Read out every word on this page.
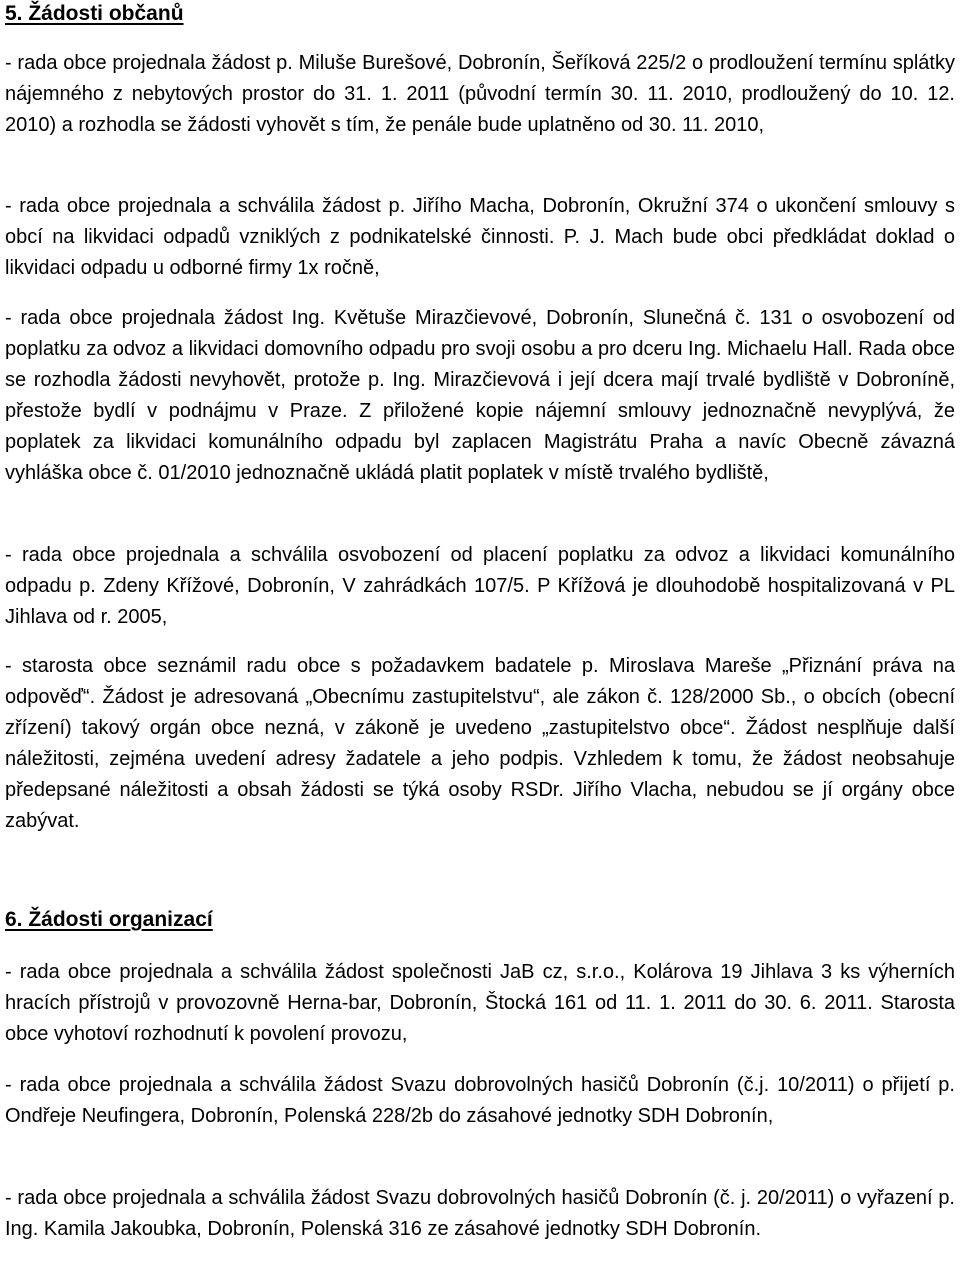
5. Žádosti občanů

- rada obce projednala žádost p. Miluše Burešové, Dobronín, Šeříková 225/2 o prodloužení termínu splátky nájemného z nebytových prostor do 31. 1. 2011 (původní termín 30. 11. 2010, prodloužený do 10. 12. 2010) a rozhodla se žádosti vyhovět s tím, že penále bude uplatněno od 30. 11. 2010,

- rada obce projednala a schválila žádost p. Jiřího Macha, Dobronín, Okružní 374 o ukončení smlouvy s obcí na likvidaci odpadů vzniklých z podnikatelské činnosti. P. J. Mach bude obci předkládat doklad o likvidaci odpadu u odborné firmy 1x ročně,

- rada obce projednala žádost Ing. Květuše Mirazčievové, Dobronín, Slunečná č. 131 o osvobození od poplatku za odvoz a likvidaci domovního odpadu pro svoji osobu a pro dceru Ing. Michaelu Hall. Rada obce se rozhodla žádosti nevyhovět, protože p. Ing. Mirazčievová i její dcera mají trvalé bydliště v Dobroníně, přestože bydlí v podnájmu v Praze. Z přiložené kopie nájemní smlouvy jednoznačně nevyplývá, že poplatek za likvidaci komunálního odpadu byl zaplacen Magistrátu Praha a navíc Obecně závazná vyhláška obce č. 01/2010 jednoznačně ukládá platit poplatek v místě trvalého bydliště,

- rada obce projednala a schválila osvobození od placení poplatku za odvoz a likvidaci komunálního odpadu p. Zdeny Křížové, Dobronín, V zahrádkách 107/5. P Křížová je dlouhodobě hospitalizovaná v PL Jihlava od r. 2005,

- starosta obce seznámil radu obce s požadavkem badatele p. Miroslava Mareše „Přiznání práva na odpověď“. Žádost je adresovaná „Obecnímu zastupitelstvu“, ale zákon č. 128/2000 Sb., o obcích (obecní zřízení) takový orgán obce nezná, v zákoně je uvedeno „zastupitelstvo obce“. Žádost nesplňuje další náležitosti, zejména uvedení adresy žadatele a jeho podpis. Vzhledem k tomu, že žádost neobsahuje předepsané náležitosti a obsah žádosti se týká osoby RSDr. Jiřího Vlacha, nebudou se jí orgány obce zabývat.

6. Žádosti organizací

- rada obce projednala a schválila žádost společnosti JaB cz, s.r.o., Kolárova 19 Jihlava 3 ks výherních hracích přístrojů v provozovně Herna-bar, Dobronín, Štocká 161 od 11. 1. 2011 do 30. 6. 2011. Starosta obce vyhotoví rozhodnutí k povolení provozu,

- rada obce projednala a schválila žádost Svazu dobrovolných hasičů Dobronín (č.j. 10/2011) o přijetí p. Ondřeje Neufingera, Dobronín, Polenská 228/2b do zásahové jednotky SDH Dobronín,

- rada obce projednala a schválila žádost Svazu dobrovolných hasičů Dobronín (č. j. 20/2011) o vyřazení p. Ing. Kamila Jakoubka, Dobronín, Polenská 316 ze zásahové jednotky SDH Dobronín.
